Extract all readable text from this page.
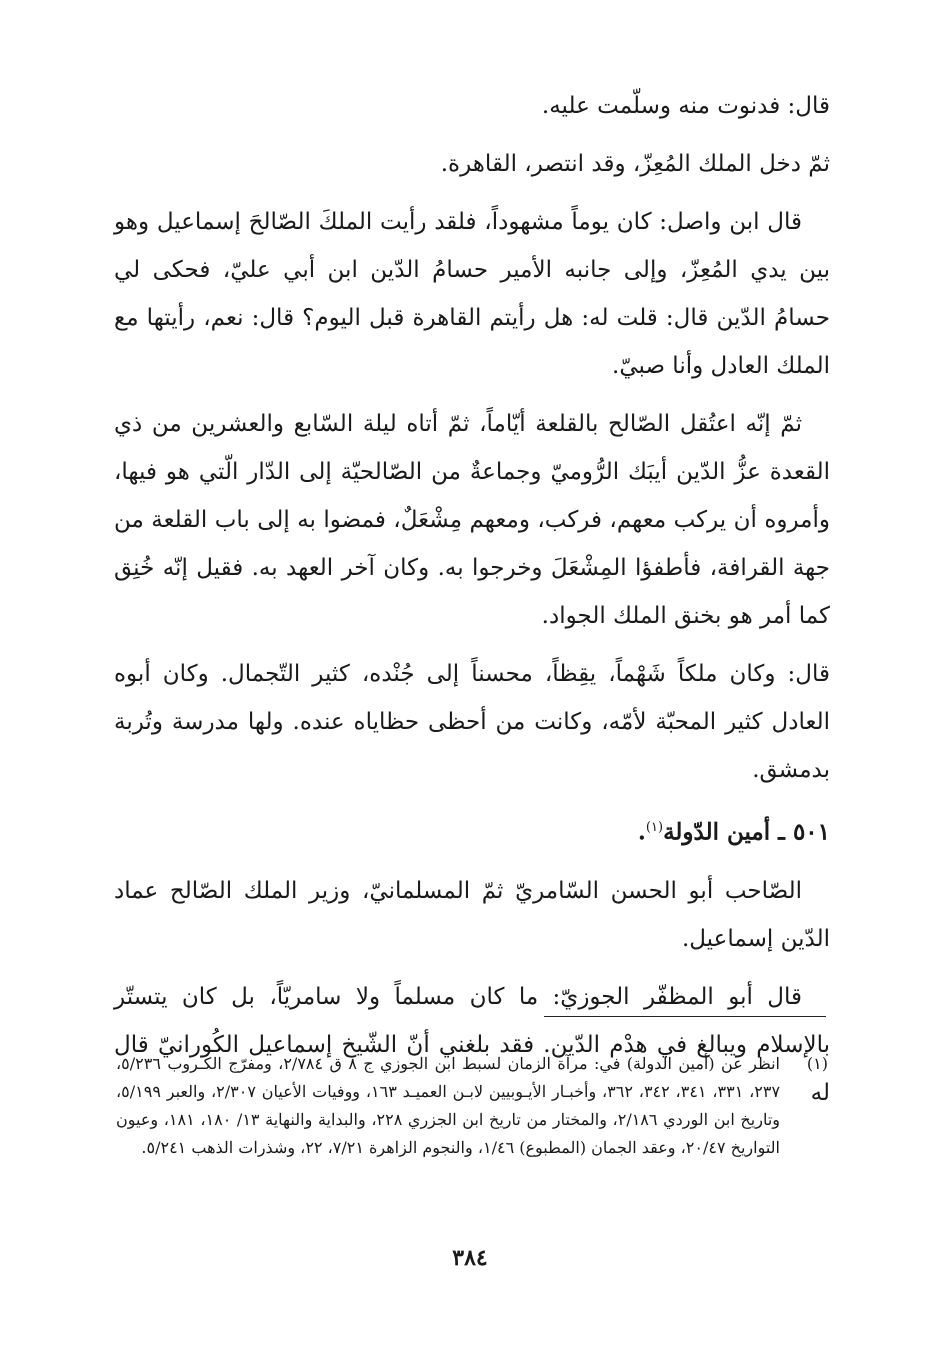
قال: فدنوت منه وسلّمت عليه.

ثمّ دخل الملك المُعِزّ، وقد انتصر، القاهرة.

قال ابن واصل: كان يوماً مشهوداً، فلقد رأيت الملكَ الصّالحَ إسماعيل وهو بين يدي المُعِزّ، وإلى جانبه الأمير حسامُ الدّين ابن أبي عليّ، فحكى لي حسامُ الدّين قال: قلت له: هل رأيتم القاهرة قبل اليوم؟ قال: نعم، رأيتها مع الملك العادل وأنا صبيّ.

ثمّ إنّه اعتُقل الصّالح بالقلعة أيّاماً، ثمّ أتاه ليلة السّابع والعشرين من ذي القعدة عزُّ الدّين أيبَك الرُّوميّ وجماعةٌ من الصّالحيّة إلى الدّار الّتي هو فيها، وأمروه أن يركب معهم، فركب، ومعهم مِشْعَلٌ، فمضوا به إلى باب القلعة من جهة القرافة، فأطفؤا المِشْعَلَ وخرجوا به. وكان آخر العهد به. فقيل إنّه خُنِق كما أمر هو بخنق الملك الجواد.

قال: وكان ملكاً شَهْماً، يقِظاً، محسناً إلى جُنْده، كثير التّجمال. وكان أبوه العادل كثير المحبّة لأمّه، وكانت من أحظى حظاياه عنده. ولها مدرسة وتُربة بدمشق.

٥٠١ ـ أمين الدّولة$^{(١)}$.

الصّاحب أبو الحسن السّامريّ ثمّ المسلمانيّ، وزير الملك الصّالح عماد الدّين إسماعيل.

قال أبو المظفّر الجوزيّ: ما كان مسلماً ولا سامريّاً، بل كان يتستّر بالإسلام ويبالغ في هدْم الدّين. فقد بلغني أنّ الشّيخ إسماعيل الكُورانيّ قال له

(١)
انظر عن (أمين الدولة) في: مرآة الزمان لسبط ابن الجوزي ج ٨ ق ٢/٧٨٤، ومفرّج الكـروب ٥/٢٣٦، ٢٣٧، ٣٣١، ٣٤١، ٣٤٢، ٣٦٢، وأخبـار الأيـوبيين لابـن العميـد ١٦٣، ووفيات الأعيان ٢/٣٠٧، والعبر ٥/١٩٩، وتاريخ ابن الوردي ٢/١٨٦، والمختار من تاريخ ابن الجزري ٢٢٨، والبداية والنهاية ١٣/ ١٨٠، ١٨١، وعيون التواريخ ٢٠/٤٧، وعقد الجمان (المطبوع) ١/٤٦، والنجوم الزاهرة ٧/٢١، ٢٢، وشذرات الذهب ٥/٢٤١.
٣٨٤
